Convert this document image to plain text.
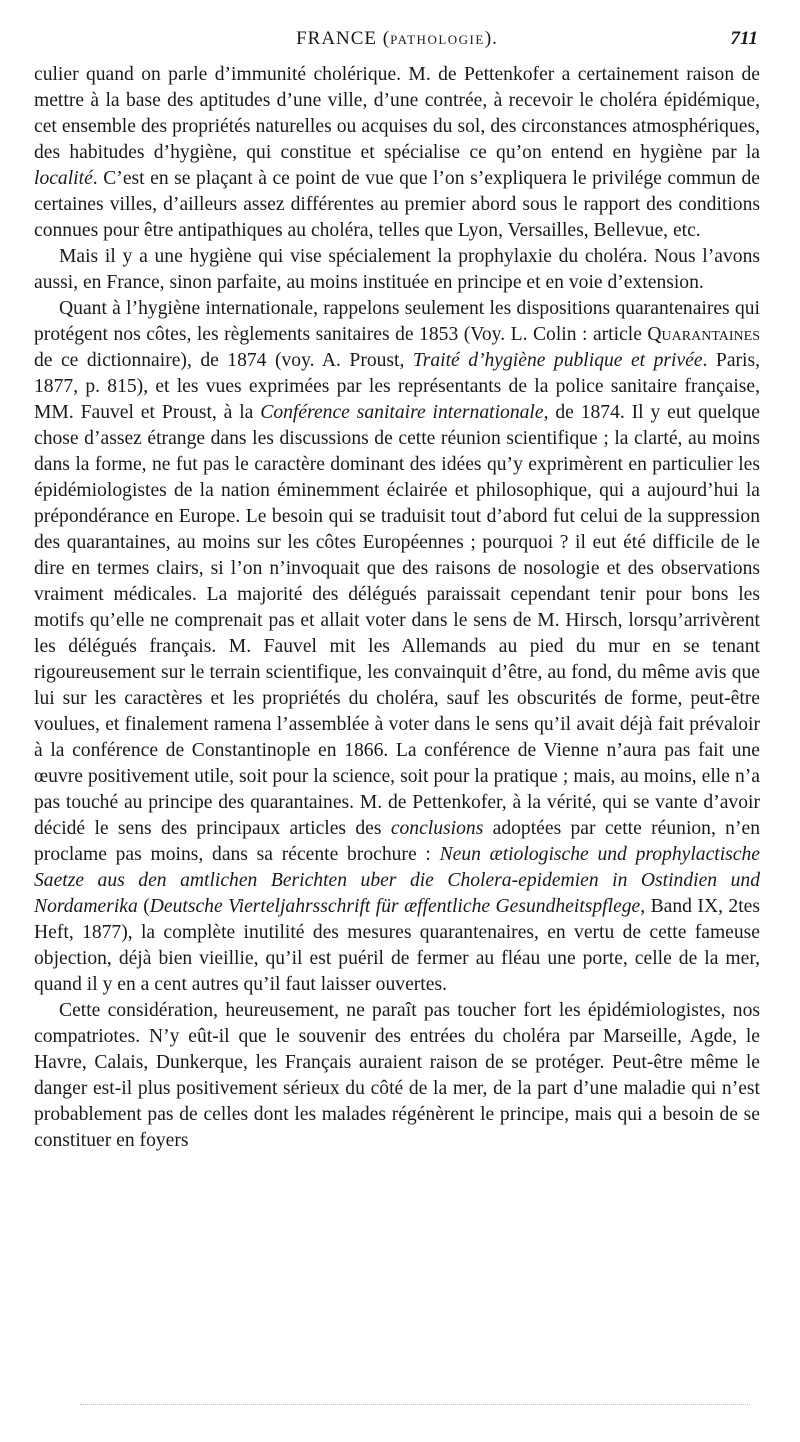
FRANCE (PATHOLOGIE).	711

culier quand on parle d’immunité cholérique. M. de Pettenkofer a certainement raison de mettre à la base des aptitudes d’une ville, d’une contrée, à recevoir le choléra épidémique, cet ensemble des propriétés naturelles ou acquises du sol, des circonstances atmosphériques, des habitudes d’hygiène, qui constitue et spécialise ce qu’on entend en hygiène par la localité. C’est en se plaçant à ce point de vue que l’on s’expliquera le privilége commun de certaines villes, d’ailleurs assez différentes au premier abord sous le rapport des conditions connues pour être antipathiques au choléra, telles que Lyon, Versailles, Bellevue, etc.

Mais il y a une hygiène qui vise spécialement la prophylaxie du choléra. Nous l’avons aussi, en France, sinon parfaite, au moins instituée en principe et en voie d’extension.

Quant à l’hygiène internationale, rappelons seulement les dispositions quarantenaires qui protégent nos côtes, les règlements sanitaires de 1853 (Voy. L. Colin : article Quarantaines de ce dictionnaire), de 1874 (voy. A. Proust, Traité d’hygiène publique et privée. Paris, 1877, p. 815), et les vues exprimées par les représentants de la police sanitaire française, MM. Fauvel et Proust, à la Conférence sanitaire internationale, de 1874. Il y eut quelque chose d’assez étrange dans les discussions de cette réunion scientifique ; la clarté, au moins dans la forme, ne fut pas le caractère dominant des idées qu’y exprimèrent en particulier les épidémiologistes de la nation éminemment éclairée et philosophique, qui a aujourd’hui la prépondérance en Europe. Le besoin qui se traduisit tout d’abord fut celui de la suppression des quarantaines, au moins sur les côtes Européennes ; pourquoi ? il eut été difficile de le dire en termes clairs, si l’on n’invoquait que des raisons de nosologie et des observations vraiment médicales. La majorité des délégués paraissait cependant tenir pour bons les motifs qu’elle ne comprenait pas et allait voter dans le sens de M. Hirsch, lorsqu’arrivèrent les délégués français. M. Fauvel mit les Allemands au pied du mur en se tenant rigoureusement sur le terrain scientifique, les convainquit d’être, au fond, du même avis que lui sur les caractères et les propriétés du choléra, sauf les obscurités de forme, peut-être voulues, et finalement ramena l’assemblée à voter dans le sens qu’il avait déjà fait prévaloir à la conférence de Constantinople en 1866. La conférence de Vienne n’aura pas fait une œuvre positivement utile, soit pour la science, soit pour la pratique ; mais, au moins, elle n’a pas touché au principe des quarantaines. M. de Pettenkofer, à la vérité, qui se vante d’avoir décidé le sens des principaux articles des conclusions adoptées par cette réunion, n’en proclame pas moins, dans sa récente brochure : Neun ætiologische und prophylactische Saetze aus den amtlichen Berichten uber die Cholera-epidemien in Ostindien und Nordamerika (Deutsche Vierteljahrsschrift für æffentliche Gesundheitspflege, Band IX, 2tes Heft, 1877), la complète inutilité des mesures quarantenaires, en vertu de cette fameuse objection, déjà bien vieillie, qu’il est puéril de fermer au fléau une porte, celle de la mer, quand il y en a cent autres qu’il faut laisser ouvertes.

Cette considération, heureusement, ne paraît pas toucher fort les épidémiologistes, nos compatriotes. N’y eût-il que le souvenir des entrées du choléra par Marseille, Agde, le Havre, Calais, Dunkerque, les Français auraient raison de se protéger. Peut-être même le danger est-il plus positivement sérieux du côté de la mer, de la part d’une maladie qui n’est probablement pas de celles dont les malades régénèrent le principe, mais qui a besoin de se constituer en foyers
